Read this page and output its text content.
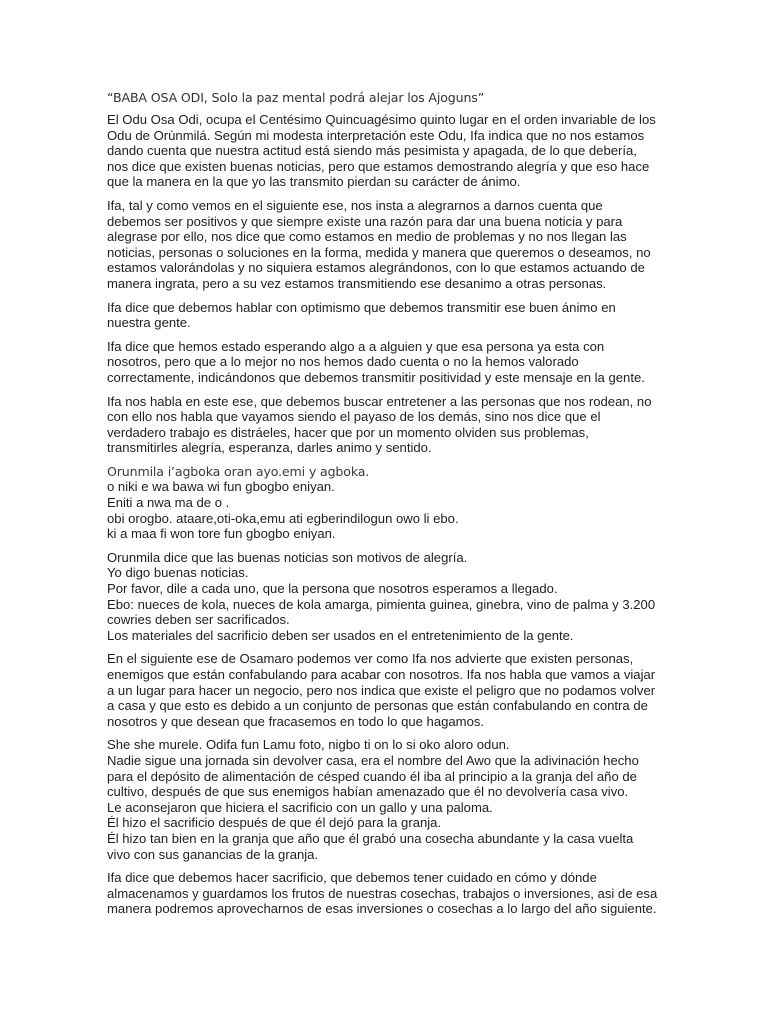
“BABA OSA ODI, Solo la paz mental podrá alejar los Ajoguns”
El Odu Osa Odi, ocupa el Centésimo Quincuagésimo quinto lugar en el orden invariable de los
Odu de Orùnmilá. Según mi modesta interpretación este Odu, Ifa indica que no nos estamos
dando cuenta que nuestra actitud está siendo más pesimista y apagada, de lo que debería,
nos dice que existen buenas noticias, pero que estamos demostrando alegría y que eso hace
que la manera en la que yo las transmito pierdan su carácter de ánimo.
Ifa, tal y como vemos en el siguiente ese, nos insta a alegrarnos a darnos cuenta que
debemos ser positivos y que siempre existe una razón para dar una buena noticia y para
alegrase por ello, nos dice que como estamos en medio de problemas y no nos llegan las
noticias, personas o soluciones en la forma, medida y manera que queremos o deseamos, no
estamos valorándolas y no siquiera estamos alegrándonos, con lo que estamos actuando de
manera ingrata, pero a su vez estamos transmitiendo ese desanimo a otras personas.
Ifa dice que debemos hablar con optimismo que debemos transmitir ese buen ánimo en
nuestra gente.
Ifa dice que hemos estado esperando algo a a alguien y que esa persona ya esta con
nosotros, pero que a lo mejor no nos hemos dado cuenta o no la hemos valorado
correctamente, indicándonos que debemos transmitir positividad y este mensaje en la gente.
Ifa nos habla en este ese, que debemos buscar entretener a las personas que nos rodean, no
con ello nos habla que vayamos siendo el payaso de los demás, sino nos dice que el
verdadero trabajo es distráeles, hacer que por un momento olviden sus problemas,
transmitirles alegría, esperanza, darles animo y sentido.
Orunmila i’agboka oran ayo.emi y agboka.
o niki e wa bawa wi fun gbogbo eniyan.
Eniti a nwa ma de o .
obi orogbo. ataare,oti-oka,emu ati egberindilogun owo li ebo.
ki a maa fi won tore fun gbogbo eniyan.
Orunmila dice que las buenas noticias son motivos de alegría.
Yo digo buenas noticias.
Por favor, dile a cada uno, que la persona que nosotros esperamos a llegado.
Ebo: nueces de kola, nueces de kola amarga, pimienta guinea, ginebra, vino de palma y 3.200
cowries deben ser sacrificados.
Los materiales del sacrificio deben ser usados en el entretenimiento de la gente.
En el siguiente ese de Osamaro podemos ver como Ifa nos advierte que existen personas,
enemigos que están confabulando para acabar con nosotros. Ifa nos habla que vamos a viajar
a un lugar para hacer un negocio, pero nos indica que existe el peligro que no podamos volver
a casa y que esto es debido a un conjunto de personas que están confabulando en contra de
nosotros y que desean que fracasemos en todo lo que hagamos.
She she murele. Odifa fun Lamu foto, nigbo ti on lo si oko aloro odun.
Nadie sigue una jornada sin devolver casa, era el nombre del Awo que la adivinación hecho
para el depósito de alimentación de césped cuando él iba al principio a la granja del año de
cultivo, después de que sus enemigos habían amenazado que él no devolvería casa vivo.
Le aconsejaron que hiciera el sacrificio con un gallo y una paloma.
Él hizo el sacrificio después de que él dejó para la granja.
Él hizo tan bien en la granja que año que él grabó una cosecha abundante y la casa vuelta
vivo con sus ganancias de la granja.
Ifa dice que debemos hacer sacrificio, que debemos tener cuidado en cómo y dónde
almacenamos y guardamos los frutos de nuestras cosechas, trabajos o inversiones, asi de esa
manera podremos aprovecharnos de esas inversiones o cosechas a lo largo del año siguiente.
